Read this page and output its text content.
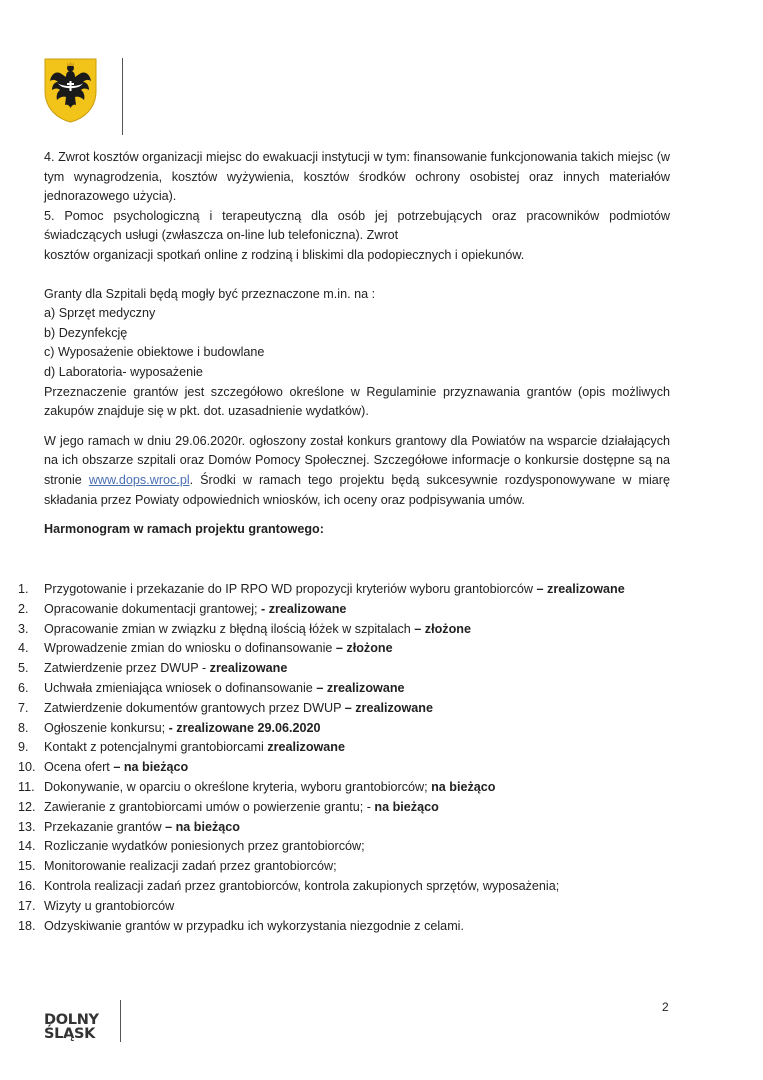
4. Zwrot kosztów organizacji miejsc do ewakuacji instytucji w tym: finansowanie funkcjonowania takich miejsc (w tym wynagrodzenia, kosztów wyżywienia, kosztów środków ochrony osobistej oraz innych materiałów jednorazowego użycia).

5. Pomoc psychologiczną i terapeutyczną dla osób jej potrzebujących oraz pracowników podmiotów świadczących usługi (zwłaszcza on-line lub telefoniczna). Zwrot

kosztów organizacji spotkań online z rodziną i bliskimi dla podopiecznych i opiekunów.

Granty dla Szpitali będą mogły być przeznaczone m.in. na :

a) Sprzęt medyczny

b) Dezynfekcję

c) Wyposażenie obiektowe i budowlane

d) Laboratoria- wyposażenie

Przeznaczenie grantów jest szczegółowo określone w Regulaminie przyznawania grantów (opis możliwych zakupów znajduje się w pkt. dot. uzasadnienie wydatków).

W jego ramach w dniu 29.06.2020r. ogłoszony został konkurs grantowy dla Powiatów na wsparcie działających na ich obszarze szpitali oraz Domów Pomocy Społecznej. Szczegółowe informacje o konkursie dostępne są na stronie www.dops.wroc.pl. Środki w ramach tego projektu będą sukcesywnie rozdysponowywane w miarę składania przez Powiaty odpowiednich wniosków, ich oceny oraz podpisywania umów.

Harmonogram w ramach projektu grantowego:

1.	Przygotowanie i przekazanie do IP RPO WD propozycji kryteriów wyboru grantobiorców – zrealizowane
2.	Opracowanie dokumentacji grantowej; - zrealizowane
3.	Opracowanie zmian w związku z błędną ilością łóżek w szpitalach – złożone
4.	Wprowadzenie zmian do wniosku o dofinansowanie – złożone
5.	Zatwierdzenie przez DWUP - zrealizowane
6.	Uchwała zmieniająca wniosek o dofinansowanie – zrealizowane
7.	Zatwierdzenie dokumentów grantowych przez DWUP – zrealizowane
8.	Ogłoszenie konkursu; - zrealizowane 29.06.2020
9.	Kontakt z potencjalnymi grantobiorcami zrealizowane
10. Ocena ofert – na bieżąco
11. Dokonywanie, w oparciu o określone kryteria, wyboru grantobiorców; na bieżąco
12. Zawieranie z grantobiorcami umów o powierzenie grantu; - na bieżąco
13. Przekazanie grantów – na bieżąco
14. Rozliczanie wydatków poniesionych przez grantobiorców;
15. Monitorowanie realizacji zadań przez grantobiorców;
16. Kontrola realizacji zadań przez grantobiorców, kontrola zakupionych sprzętów, wyposażenia;
17. Wizyty u grantobiorców
18. Odzyskiwanie grantów w przypadku ich wykorzystania niezgodnie z celami.
2
DOLNY
ŚLĄSK
